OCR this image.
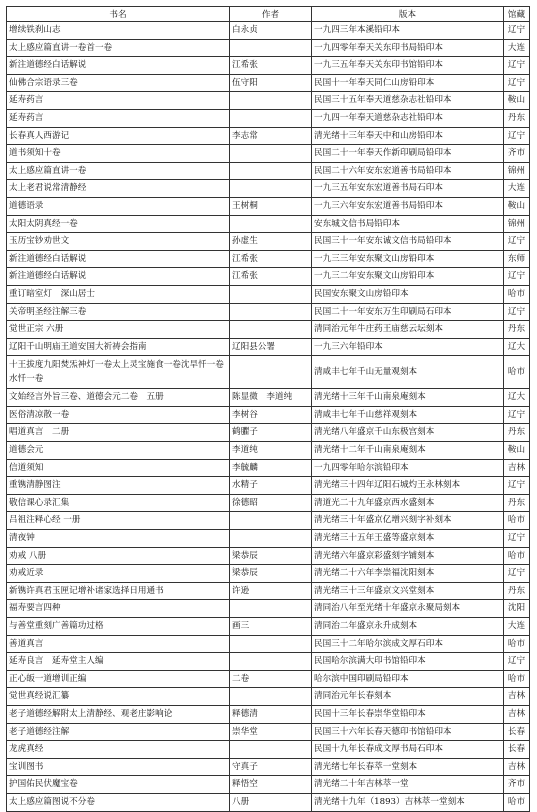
书名	作者	版本	馆藏
增续铁刹山志	白永贞	一九四三年本溪铅印本	辽宁
太上感应篇直讲一卷首一卷		一九四零年奉天关东印书局铅印本	大连
新注道德经白话解说	江希张	一九三五年奉天关东印书馆铅印本	辽宁
仙佛合宗语录三卷	伍守阳	民国十一年奉天同仁山房铅印本	辽宁
延寿药言		民国三十五年奉天道慈杂志社铅印本	鞍山
延寿药言		一九四一年奉天道慈杂志社铅印本	丹东
长春真人西游记	李志常	清光绪十三年奉天中和山房铅印本	辽宁
道书须知十卷		民国二十一年奉天作新印刷局铅印本	齐市
太上感应篇直讲一卷		民国二十六年安东宏道善书局铅印本	锦州
太上老君说常清静经		一九三五年安东宏道善书局石印本	大连
道德语录	王树桐	一九三六年安东宏道善书局铅印本	鞍山
太阳太阴真经一卷		安东城文信书局铅印本	锦州
玉历宝钞劝世文	孙虚生	民国三十一年安东诚文信书局铅印本	辽宁
新注道德经白话解说	江希张	一九三三年安东聚文山房铅印本	东师
新注道德经白话解说	江希张	一九三二年安东聚文山房铅印本	辽宁
重订暗室灯　深山居士		民国安东聚文山房铅印本	哈市
关帝明圣经注解三卷		民国二十一年安东万生印刷局石印本	辽宁
觉世正宗 六册		清同治元年牛庄药王庙慈云坛刻本	丹东
辽阳千山明庙王道安国大祈祷会指南	辽阳县公署	一九三六年铅印本	辽大
十王拔度九阳焚炁神灯一卷太上灵宝施食一卷沈旱忏一卷水忏一卷		清咸丰七年千山无量观刻本	哈市
文始经言外旨三卷、道德会元二卷　五册	陈显微　李道纯	清光绪十三年千山南泉庵刻本	辽大
医俗清凉散一卷	李树谷	清咸丰七年千山慈祥观刻本	辽宁
唱道真言　二册	鹤臞子	清光绪八年盛京千山东极宫刻本	丹东
道德会元	李道纯	清光绪十二年千山南泉庵刻本	鞍山
信道须知	李毓麟	一九四零年哈尔滨铅印本	吉林
重镌清静图注	水精子	清光绪三十四年辽阳石城灼王永林刻本	辽宁
敬信课心录汇集	徐德昭	清道光二十九年盛京西水盛刻本	丹东
吕祖注释心经 一册		清光绪三十年盛京亿增兴刻字补刻本	哈市
清夜钟		清光绪三十五年王盛等盛京刻本	辽宁
劝戒 八册	梁恭辰	清光绪六年盛京彩盛刻字铺刻本	哈市
劝戒近录	梁恭辰	清光绪二十六年李崇福沈阳刻本	辽宁
新镌许真君玉匣记增补诸家选择日用通书	许逊	清光绪三十三年盛京文兴堂刻本	丹东
福寿要言四种		清同治八年至光绪十年盛京永聚局刻本	沈阳
与善堂重刻广善篇功过格	画三	清同治二年盛京永升成刻本	大连
善道真言		民国三十二年哈尔滨成文厚石印本	哈市
延寿良言　延寿堂主人编		民国哈尔滨满大印书馆铅印本	辽宁
正心皈一道增训正编	二卷	哈尔滨中国印刷局铅印本	哈市
觉世真经说汇纂		清同治元年长春刻本	吉林
老子道德经解附太上清静经、观老庄影响论	释德清	民国十三年长春崇华堂铅印本	吉林
老子道德经注解	崇华堂	民国三十六年长春天德印书馆铅印本	长春
龙虎真经		民国十九年长春成文厚书局石印本	长春
宝训图书	守真子	清光绪七年长春萃一堂刻本	吉林
护国佑民伏魔宝卷	释悟空	清光绪二十年吉林萃一堂	齐市
太上感应篇图说不分卷	八册	清光绪十九年（1893）吉林萃一堂刻本	哈市
